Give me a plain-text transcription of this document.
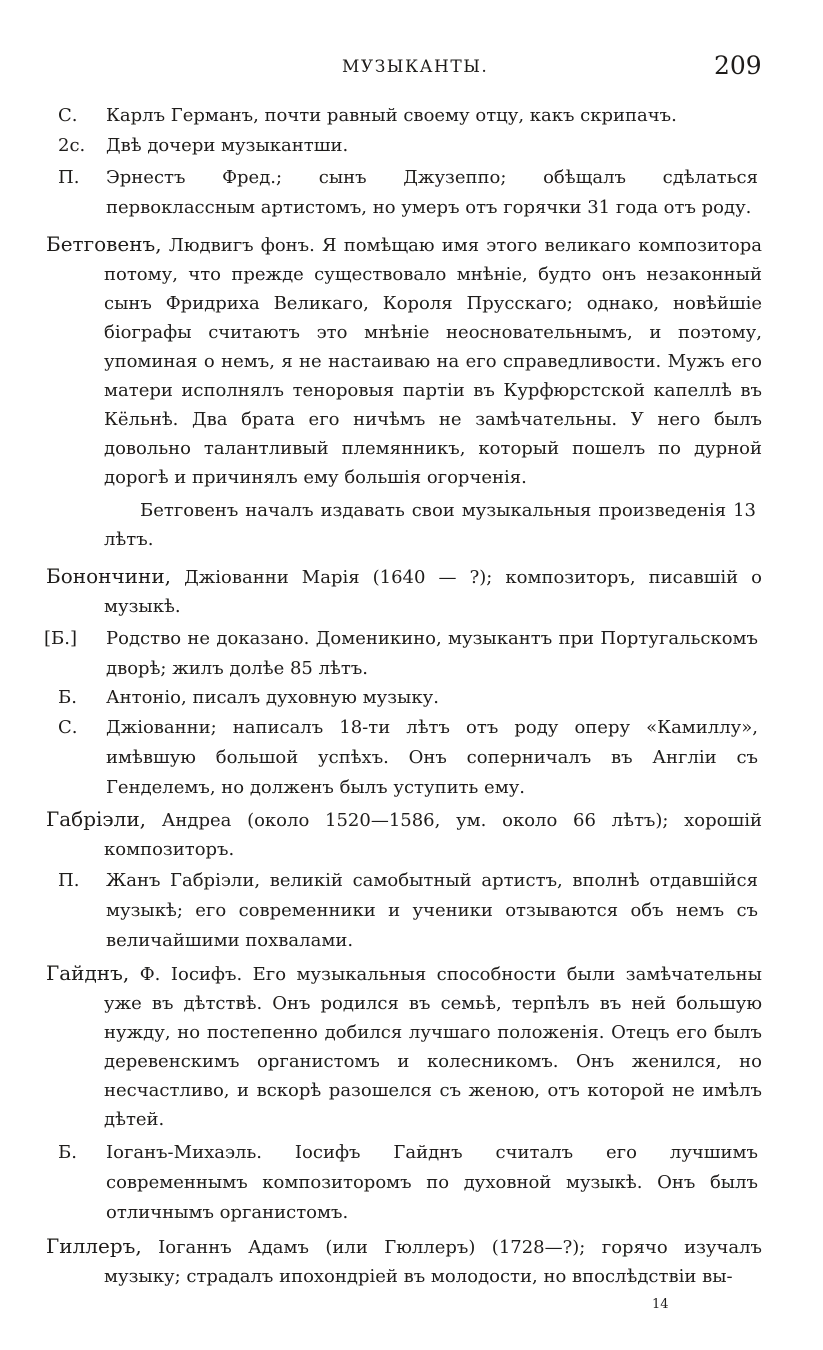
МУЗЫКАНТЫ.	209
С. Карлъ Германъ, почти равный своему отцу, какъ скрипачъ.
2с. Двѣ дочери музыкантши.
П. Эрнестъ Фред.; сынъ Джузеппо; обѣщалъ сдѣлаться первоклассным артистомъ, но умеръ отъ горячки 31 года отъ роду.
Бетговенъ, Людвигъ фонъ. Я помѣщаю имя этого великаго композитора потому, что прежде существовало мнѣніе, будто онъ незаконный сынъ Фридриха Великаго, Короля Прусскаго; однако, новѣйшіе біографы считаютъ это мнѣніе неосновательнымъ, и поэтому, упоминая о немъ, я не настаиваю на его справедливости. Мужъ его матери исполнялъ теноровыя партіи въ Курфюрстской капеллѣ въ Кёльнѣ. Два брата его ничѣмъ не замѣчательны. У него былъ довольно талантливый племянникъ, который пошелъ по дурной дорогѣ и причинялъ ему большія огорченія.
Бетговенъ началъ издавать свои музыкальныя произведенія 13 лѣтъ.
Бонончини, Джіованни Марія (1640 — ?); композиторъ, писавшій о музыкѣ.
[Б.] Родство не доказано. Доменикино, музыкантъ при Португальскомъ дворѣ; жилъ долѣе 85 лѣтъ.
Б. Антоніо, писалъ духовную музыку.
С. Джіованни; написалъ 18-ти лѣтъ отъ роду оперу «Камиллу», имѣвшую большой успѣхъ. Онъ соперничалъ въ Англіи съ Генделемъ, но долженъ былъ уступить ему.
Габріэли, Андреа (около 1520—1586, ум. около 66 лѣтъ); хорошій композиторъ.
П. Жанъ Габріэли, великій самобытный артистъ, вполнѣ отдавшійся музыкѣ; его современники и ученики отзываются объ немъ съ величайшими похвалами.
Гайднъ, Ф. Іосифъ. Его музыкальныя способности были замѣчательны уже въ дѣтствѣ. Онъ родился въ семьѣ, терпѣлъ въ ней большую нужду, но постепенно добился лучшаго положенія. Отецъ его былъ деревенскимъ органистомъ и колесникомъ. Онъ женился, но несчастливо, и вскорѣ разошелся съ женою, отъ которой не имѣлъ дѣтей.
Б. Іоганъ-Михаэль. Іосифъ Гайднъ считалъ его лучшимъ современнымъ композиторомъ по духовной музыкѣ. Онъ былъ отличнымъ органистомъ.
Гиллеръ, Іоганнъ Адамъ (или Гюллеръ) (1728—?); горячо изучалъ музыку; страдалъ ипохондріей въ молодости, но впослѣдствіи вы-
14
